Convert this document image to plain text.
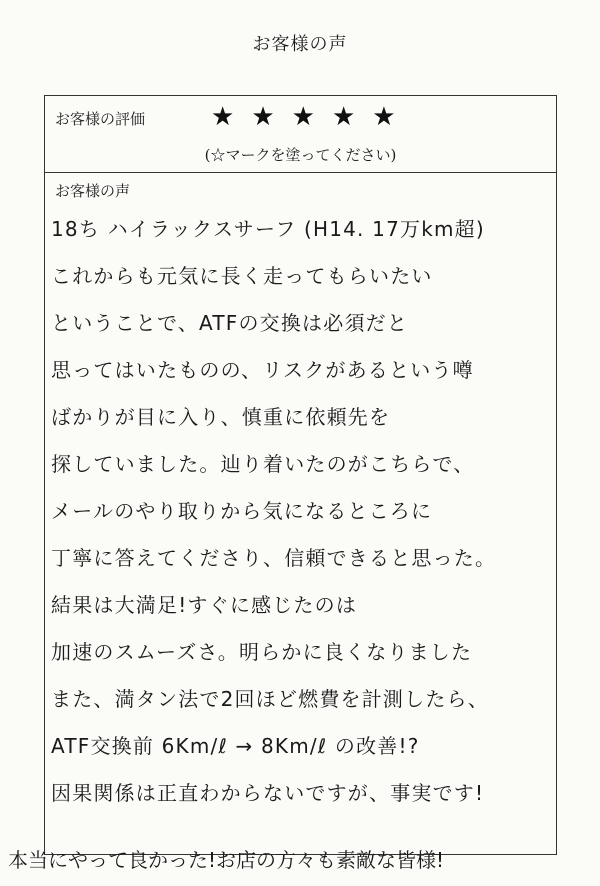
お客様の声
お客様の評価	★ ★ ★ ★ ★
(☆マークを塗ってください)
お客様の声
18ち ハイラックスサーフ (H14. 17万km超)
これからも元気に長く走ってもらいたい
ということで、ATFの交換は必須だと
思ってはいたものの、リスクがあるという噂
ばかりが目に入り、慎重に依頼先を
探していました。辿り着いたのがこちらで、
メールのやり取りから気になるところに
丁寧に答えてくださり、信頼できると思った。
結果は大満足!すぐに感じたのは
加速のスムーズさ。明らかに良くなりました
また、満タン法で2回ほど燃費を計測したら、
ATF交換前 6Km/ℓ → 8Km/ℓ の改善!?
因果関係は正直わからないですが、事実です!
本当にやって良かった!お店の方々も素敵な皆様!
